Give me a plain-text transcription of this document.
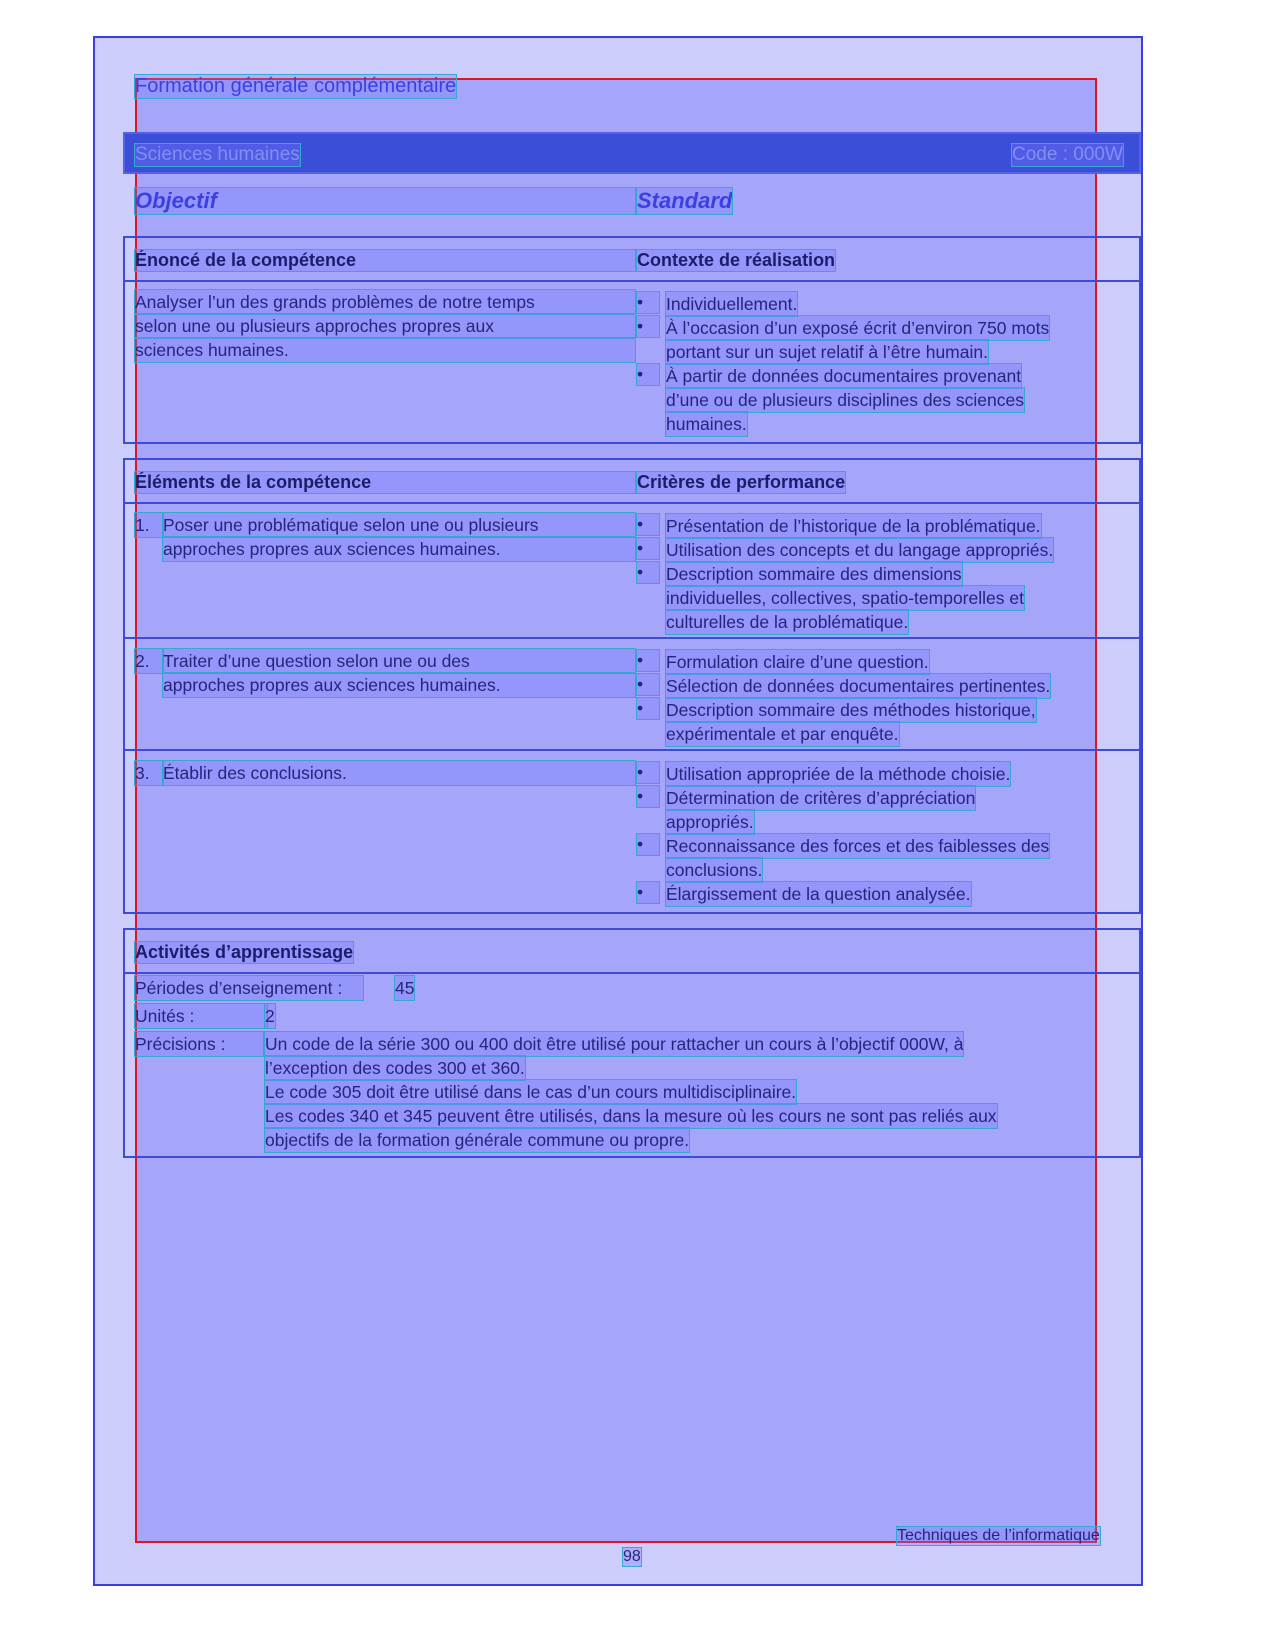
Formation générale complémentaire
Sciences humaines	Code : 000W
Objectif	Standard
Énoncé de la compétence	Contexte de réalisation
Analyser l’un des grands problèmes de notre temps
selon une ou plusieurs approches propres aux
sciences humaines.
•	Individuellement.
•	À l’occasion d’un exposé écrit d’environ 750 mots
portant sur un sujet relatif à l’être humain.
•	À partir de données documentaires provenant
d’une ou de plusieurs disciplines des sciences
humaines.
Éléments de la compétence	Critères de performance
1. Poser une problématique selon une ou plusieurs
approches propres aux sciences humaines.
•	Présentation de l’historique de la problématique.
•	Utilisation des concepts et du langage appropriés.
•	Description sommaire des dimensions
individuelles, collectives, spatio-temporelles et
culturelles de la problématique.
2. Traiter d’une question selon une ou des
approches propres aux sciences humaines.
•	Formulation claire d’une question.
•	Sélection de données documentaires pertinentes.
•	Description sommaire des méthodes historique,
expérimentale et par enquête.
3. Établir des conclusions.	•	Utilisation appropriée de la méthode choisie.
•	Détermination de critères d’appréciation
appropriés.
•	Reconnaissance des forces et des faiblesses des
conclusions.
•	Élargissement de la question analysée.
Activités d’apprentissage
Périodes d’enseignement :	45
Unités :	2
Précisions :	Un code de la série 300 ou 400 doit être utilisé pour rattacher un cours à l’objectif 000W, à
l’exception des codes 300 et 360.
Le code 305 doit être utilisé dans le cas d’un cours multidisciplinaire.
Les codes 340 et 345 peuvent être utilisés, dans la mesure où les cours ne sont pas reliés aux
objectifs de la formation générale commune ou propre.
Techniques de l’informatique
98
